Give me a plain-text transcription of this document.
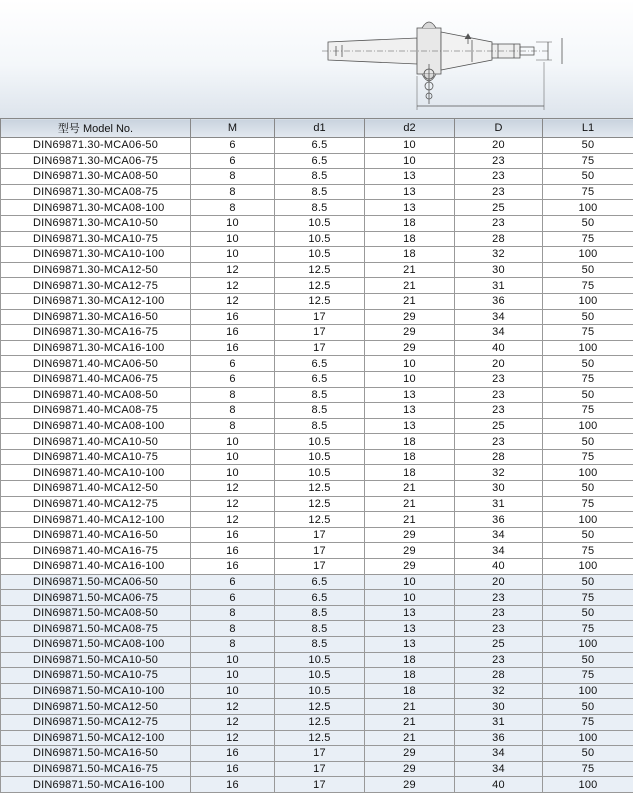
型号 Model No.	M	d1	d2	D	L1
DIN69871.30-MCA06-50	6	6.5	10	20	50
DIN69871.30-MCA06-75	6	6.5	10	23	75
DIN69871.30-MCA08-50	8	8.5	13	23	50
DIN69871.30-MCA08-75	8	8.5	13	23	75
DIN69871.30-MCA08-100	8	8.5	13	25	100
DIN69871.30-MCA10-50	10	10.5	18	23	50
DIN69871.30-MCA10-75	10	10.5	18	28	75
DIN69871.30-MCA10-100	10	10.5	18	32	100
DIN69871.30-MCA12-50	12	12.5	21	30	50
DIN69871.30-MCA12-75	12	12.5	21	31	75
DIN69871.30-MCA12-100	12	12.5	21	36	100
DIN69871.30-MCA16-50	16	17	29	34	50
DIN69871.30-MCA16-75	16	17	29	34	75
DIN69871.30-MCA16-100	16	17	29	40	100
DIN69871.40-MCA06-50	6	6.5	10	20	50
DIN69871.40-MCA06-75	6	6.5	10	23	75
DIN69871.40-MCA08-50	8	8.5	13	23	50
DIN69871.40-MCA08-75	8	8.5	13	23	75
DIN69871.40-MCA08-100	8	8.5	13	25	100
DIN69871.40-MCA10-50	10	10.5	18	23	50
DIN69871.40-MCA10-75	10	10.5	18	28	75
DIN69871.40-MCA10-100	10	10.5	18	32	100
DIN69871.40-MCA12-50	12	12.5	21	30	50
DIN69871.40-MCA12-75	12	12.5	21	31	75
DIN69871.40-MCA12-100	12	12.5	21	36	100
DIN69871.40-MCA16-50	16	17	29	34	50
DIN69871.40-MCA16-75	16	17	29	34	75
DIN69871.40-MCA16-100	16	17	29	40	100
DIN69871.50-MCA06-50	6	6.5	10	20	50
DIN69871.50-MCA06-75	6	6.5	10	23	75
DIN69871.50-MCA08-50	8	8.5	13	23	50
DIN69871.50-MCA08-75	8	8.5	13	23	75
DIN69871.50-MCA08-100	8	8.5	13	25	100
DIN69871.50-MCA10-50	10	10.5	18	23	50
DIN69871.50-MCA10-75	10	10.5	18	28	75
DIN69871.50-MCA10-100	10	10.5	18	32	100
DIN69871.50-MCA12-50	12	12.5	21	30	50
DIN69871.50-MCA12-75	12	12.5	21	31	75
DIN69871.50-MCA12-100	12	12.5	21	36	100
DIN69871.50-MCA16-50	16	17	29	34	50
DIN69871.50-MCA16-75	16	17	29	34	75
DIN69871.50-MCA16-100	16	17	29	40	100
